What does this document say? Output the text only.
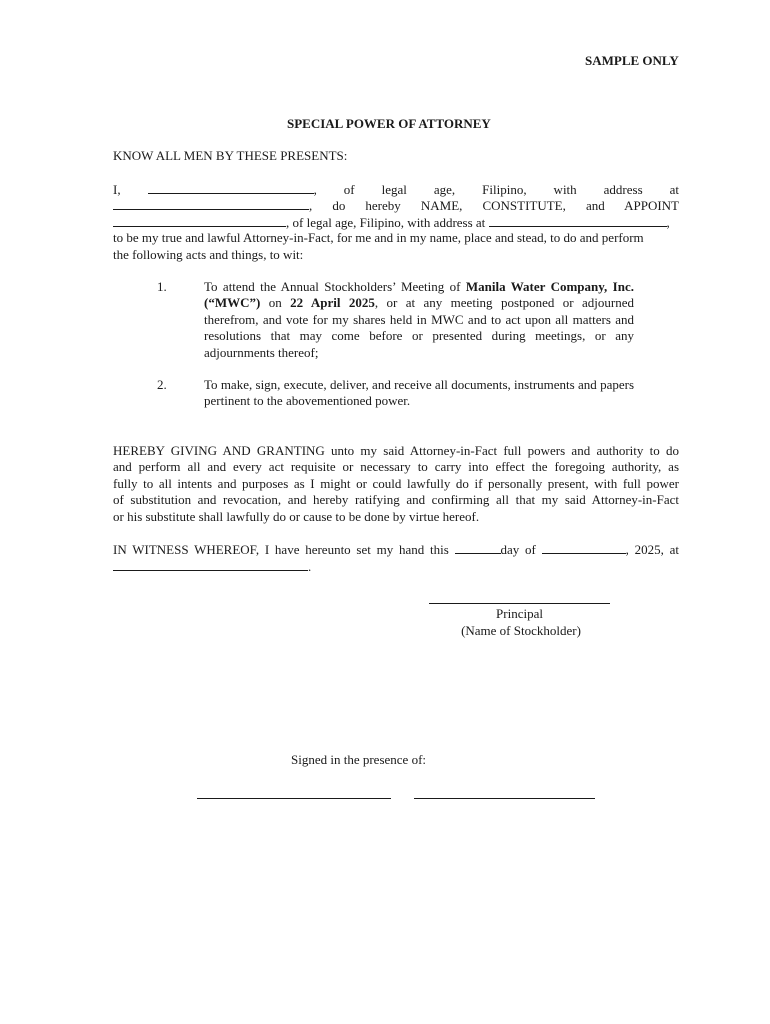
SAMPLE ONLY
SPECIAL POWER OF ATTORNEY
KNOW ALL MEN BY THESE PRESENTS:
I,	, of legal age, Filipino, with address at
, do hereby NAME, CONSTITUTE, and APPOINT
, of legal age, Filipino, with address at	,
to be my true and lawful Attorney-in-Fact, for me and in my name, place and stead, to do and perform
the following acts and things, to wit:
1.	To attend the Annual Stockholders’ Meeting of Manila Water Company, Inc. (“MWC”) on 22 April 2025, or at any meeting postponed or adjourned therefrom, and vote for my shares held in MWC and to act upon all matters and resolutions that may come before or presented during meetings, or any adjournments thereof;
2.	To make, sign, execute, deliver, and receive all documents, instruments and papers pertinent to the abovementioned power.
HEREBY GIVING AND GRANTING unto my said Attorney-in-Fact full powers and authority to do
and perform all and every act requisite or necessary to carry into effect the foregoing authority, as
fully to all intents and purposes as I might or could lawfully do if personally present, with full power
of substitution and revocation, and hereby ratifying and confirming all that my said Attorney-in-Fact
or his substitute shall lawfully do or cause to be done by virtue hereof.
IN WITNESS WHEREOF, I have hereunto set my hand this	day of	, 2025, at
.
Principal
(Name of Stockholder)
Signed in the presence of:
